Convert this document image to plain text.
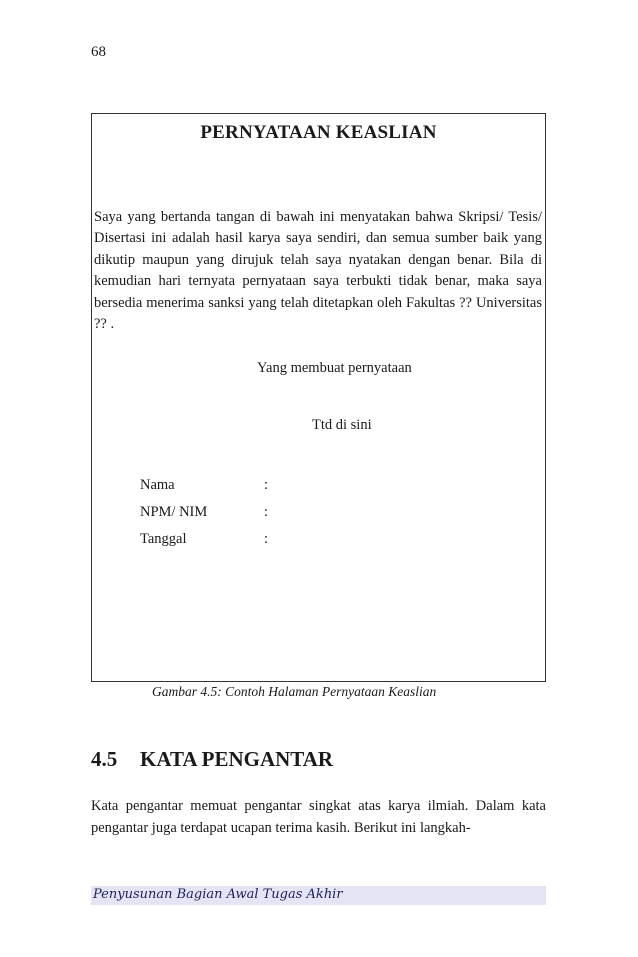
68
PERNYATAAN KEASLIAN
Saya yang bertanda tangan di bawah ini menyatakan bahwa Skripsi/ Tesis/ Disertasi ini adalah hasil karya saya sendiri, dan semua sumber baik yang dikutip maupun yang dirujuk telah saya nyatakan dengan benar. Bila di kemudian hari ternyata pernyataan saya terbukti tidak benar, maka saya bersedia menerima sanksi yang telah ditetapkan oleh Fakultas ?? Universitas ?? .
Yang membuat pernyataan
Ttd di sini
Nama	:
NPM/ NIM	:
Tanggal	:
Gambar 4.5: Contoh Halaman Pernyataan Keaslian
4.5 KATA PENGANTAR
Kata pengantar memuat pengantar singkat atas karya ilmiah. Dalam kata pengantar juga terdapat ucapan terima kasih. Berikut ini langkah-
Penyusunan Bagian Awal Tugas Akhir
